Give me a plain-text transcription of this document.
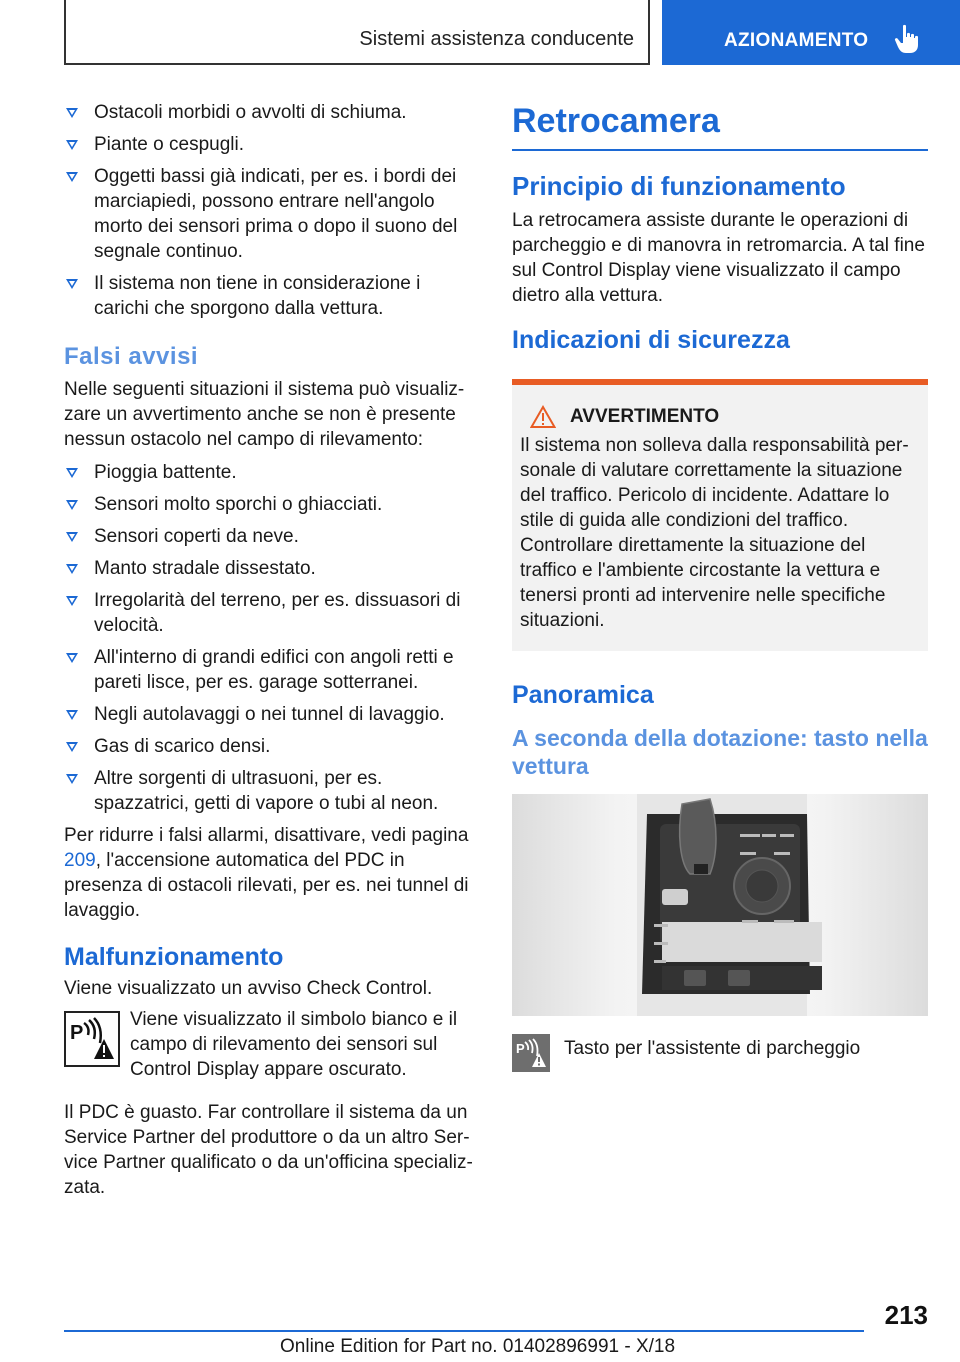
Sistemi assistenza conducente	AZIONAMENTO
Ostacoli morbidi o avvolti di schiuma.
Piante o cespugli.
Oggetti bassi già indicati, per es. i bordi dei marciapiedi, possono entrare nell'angolo morto dei sensori prima o dopo il suono del segnale continuo.
Il sistema non tiene in considerazione i carichi che sporgono dalla vettura.
Falsi avvisi

Nelle seguenti situazioni il sistema può visualizzare un avvertimento anche se non è presente nessun ostacolo nel campo di rilevamento:

Pioggia battente.
Sensori molto sporchi o ghiacciati.
Sensori coperti da neve.
Manto stradale dissestato.
Irregolarità del terreno, per es. dissuasori di velocità.
All'interno di grandi edifici con angoli retti e pareti lisce, per es. garage sotterranei.
Negli autolavaggi o nei tunnel di lavaggio.
Gas di scarico densi.
Altre sorgenti di ultrasuoni, per es. spazzatrici, getti di vapore o tubi al neon.

Per ridurre i falsi allarmi, disattivare, vedi pagina 209, l'accensione automatica del PDC in presenza di ostacoli rilevati, per es. nei tunnel di lavaggio.

Malfunzionamento

Viene visualizzato un avviso Check Control.

P

Viene visualizzato il simbolo bianco e il campo di rilevamento dei sensori sul Control Display appare oscurato.

Il PDC è guasto. Far controllare il sistema da un Service Partner del produttore o da un altro Service Partner qualificato o da un'officina specializzata.

Retrocamera
Principio di funzionamento

La retrocamera assiste durante le operazioni di parcheggio e di manovra in retromarcia. A tal fine sul Control Display viene visualizzato il campo dietro alla vettura.

Indicazioni di sicurezza
AVVERTIMENTO

Il sistema non solleva dalla responsabilità personale di valutare correttamente la situazione del traffico. Pericolo di incidente. Adattare lo stile di guida alle condizioni del traffico. Controllare direttamente la situazione del traffico e l'ambiente circostante la vettura e tenersi pronti ad intervenire nelle specifiche situazioni.

Panoramica
A seconda della dotazione: tasto nella vettura
P Tasto per l'assistente di parcheggio

213
Online Edition for Part no. 01402896991 - X/18
